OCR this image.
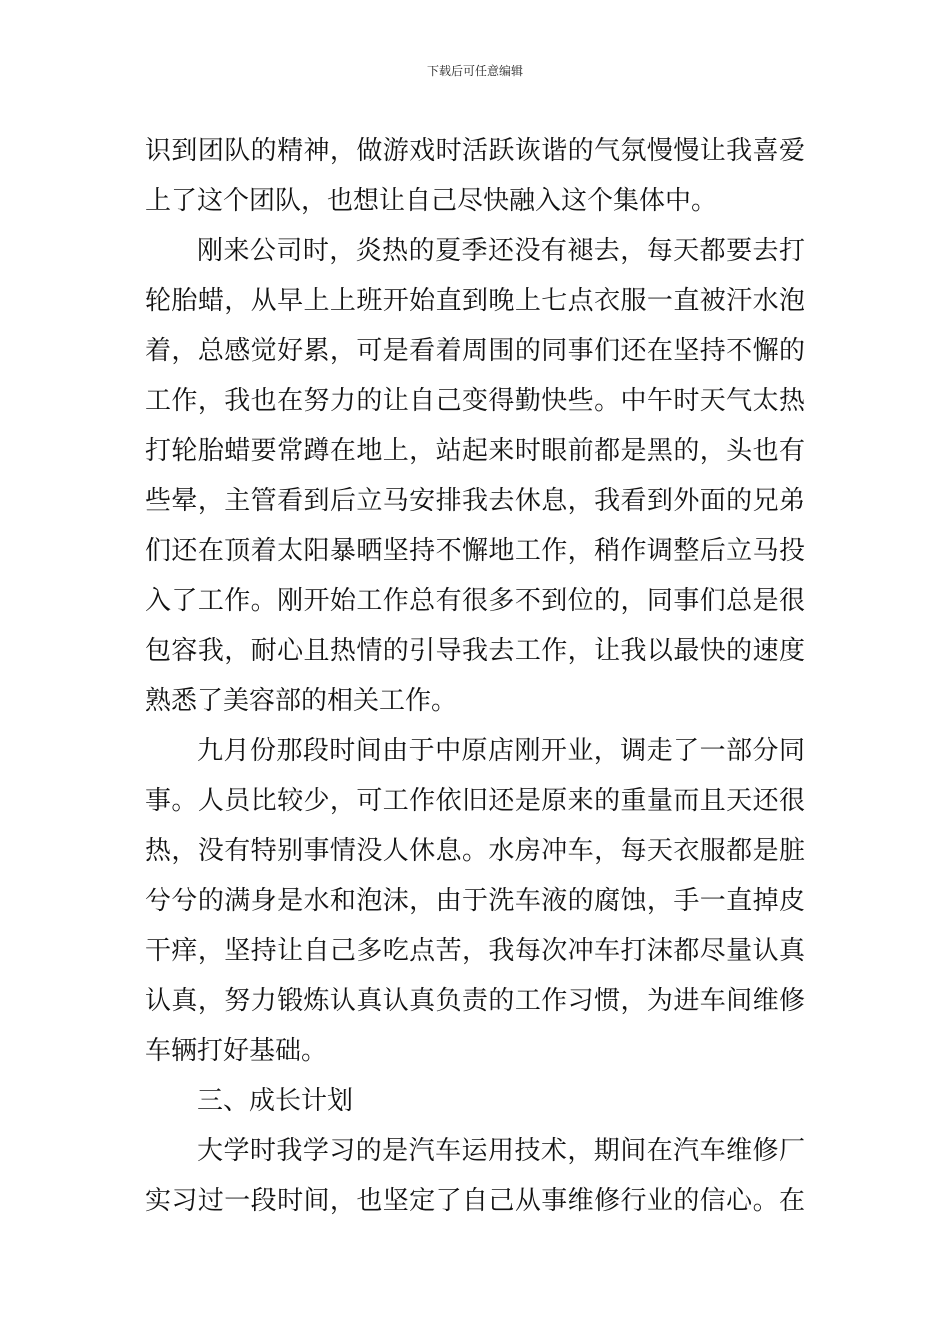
下载后可任意编辑
识到团队的精神，做游戏时活跃诙谐的气氛慢慢让我喜爱
上了这个团队，也想让自己尽快融入这个集体中。
刚来公司时，炎热的夏季还没有褪去，每天都要去打
轮胎蜡，从早上上班开始直到晚上七点衣服一直被汗水泡
着，总感觉好累，可是看着周围的同事们还在坚持不懈的
工作，我也在努力的让自己变得勤快些。中午时天气太热
打轮胎蜡要常蹲在地上，站起来时眼前都是黑的，头也有
些晕，主管看到后立马安排我去休息，我看到外面的兄弟
们还在顶着太阳暴晒坚持不懈地工作，稍作调整后立马投
入了工作。刚开始工作总有很多不到位的，同事们总是很
包容我，耐心且热情的引导我去工作，让我以最快的速度
熟悉了美容部的相关工作。
九月份那段时间由于中原店刚开业，调走了一部分同
事。人员比较少，可工作依旧还是原来的重量而且天还很
热，没有特别事情没人休息。水房冲车，每天衣服都是脏
兮兮的满身是水和泡沫，由于洗车液的腐蚀，手一直掉皮
干痒，坚持让自己多吃点苦，我每次冲车打沫都尽量认真
认真，努力锻炼认真认真负责的工作习惯，为进车间维修
车辆打好基础。
三、成长计划
大学时我学习的是汽车运用技术，期间在汽车维修厂
实习过一段时间，也坚定了自己从事维修行业的信心。在
